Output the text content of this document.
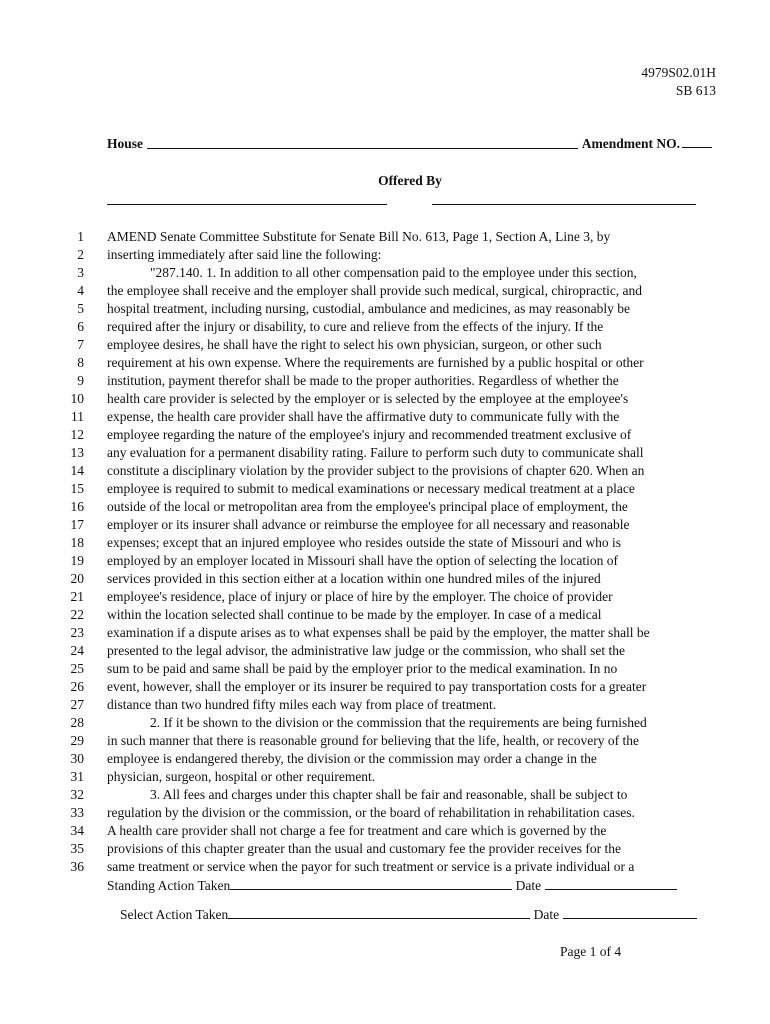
4979S02.01H
SB 613
House	Amendment NO.
Offered By
1 AMEND Senate Committee Substitute for Senate Bill No. 613, Page 1, Section A, Line 3, by
2 inserting immediately after said line the following:
3	"287.140. 1. In addition to all other compensation paid to the employee under this section,
4 the employee shall receive and the employer shall provide such medical, surgical, chiropractic, and
5 hospital treatment, including nursing, custodial, ambulance and medicines, as may reasonably be
6 required after the injury or disability, to cure and relieve from the effects of the injury. If the
7 employee desires, he shall have the right to select his own physician, surgeon, or other such
8 requirement at his own expense. Where the requirements are furnished by a public hospital or other
9 institution, payment therefor shall be made to the proper authorities. Regardless of whether the
10 health care provider is selected by the employer or is selected by the employee at the employee's
11 expense, the health care provider shall have the affirmative duty to communicate fully with the
12 employee regarding the nature of the employee's injury and recommended treatment exclusive of
13 any evaluation for a permanent disability rating. Failure to perform such duty to communicate shall
14 constitute a disciplinary violation by the provider subject to the provisions of chapter 620. When an
15 employee is required to submit to medical examinations or necessary medical treatment at a place
16 outside of the local or metropolitan area from the employee's principal place of employment, the
17 employer or its insurer shall advance or reimburse the employee for all necessary and reasonable
18 expenses; except that an injured employee who resides outside the state of Missouri and who is
19 employed by an employer located in Missouri shall have the option of selecting the location of
20 services provided in this section either at a location within one hundred miles of the injured
21 employee's residence, place of injury or place of hire by the employer. The choice of provider
22 within the location selected shall continue to be made by the employer. In case of a medical
23 examination if a dispute arises as to what expenses shall be paid by the employer, the matter shall be
24 presented to the legal advisor, the administrative law judge or the commission, who shall set the
25 sum to be paid and same shall be paid by the employer prior to the medical examination. In no
26 event, however, shall the employer or its insurer be required to pay transportation costs for a greater
27 distance than two hundred fifty miles each way from place of treatment.
28	2. If it be shown to the division or the commission that the requirements are being furnished
29 in such manner that there is reasonable ground for believing that the life, health, or recovery of the
30 employee is endangered thereby, the division or the commission may order a change in the
31 physician, surgeon, hospital or other requirement.
32	3. All fees and charges under this chapter shall be fair and reasonable, shall be subject to
33 regulation by the division or the commission, or the board of rehabilitation in rehabilitation cases.
34 A health care provider shall not charge a fee for treatment and care which is governed by the
35 provisions of this chapter greater than the usual and customary fee the provider receives for the
36 same treatment or service when the payor for such treatment or service is a private individual or a
Standing Action Taken	Date
Select Action Taken	Date
Page 1 of 4
